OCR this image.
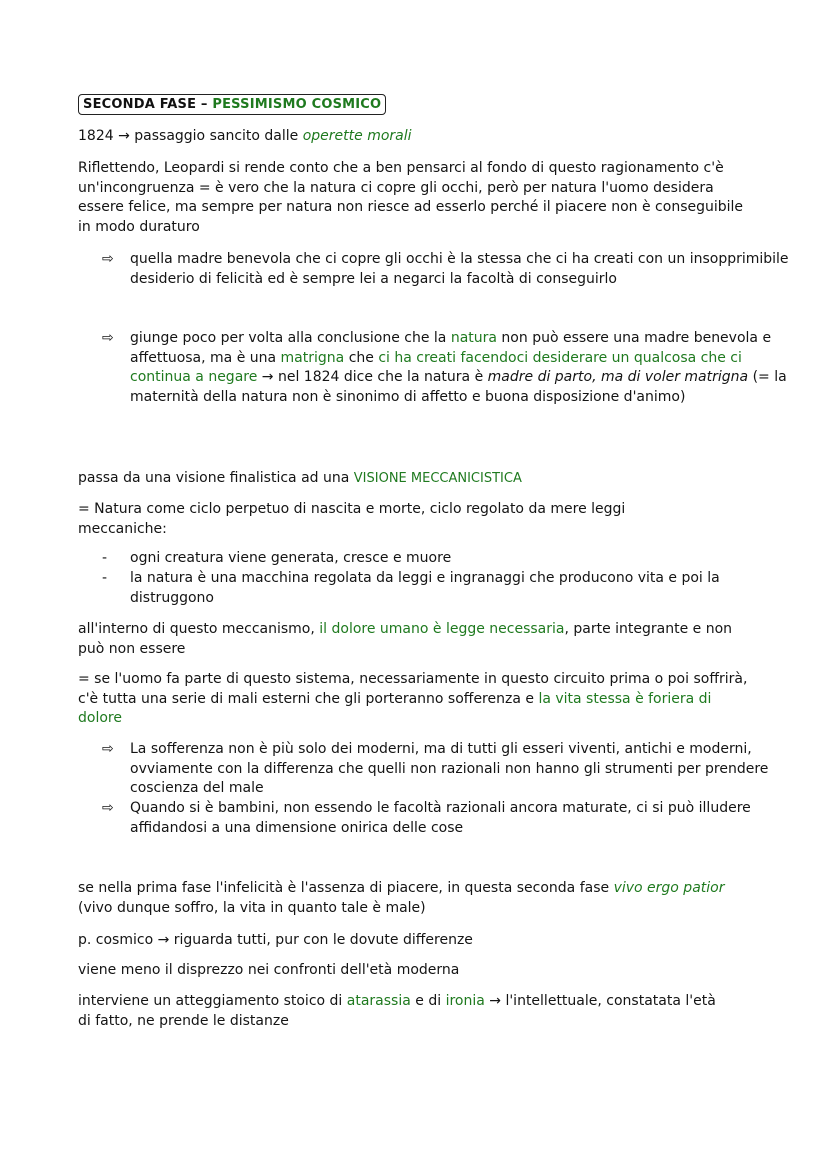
SECONDA FASE – PESSIMISMO COSMICO

1824 → passaggio sancito dalle operette morali

Riflettendo, Leopardi si rende conto che a ben pensarci al fondo di questo ragionamento c'è un'incongruenza = è vero che la natura ci copre gli occhi, però per natura l'uomo desidera essere felice, ma sempre per natura non riesce ad esserlo perché il piacere non è conseguibile in modo duraturo

⇨ quella madre benevola che ci copre gli occhi è la stessa che ci ha creati con un insopprimibile desiderio di felicità ed è sempre lei a negarci la facoltà di conseguirlo
⇨ giunge poco per volta alla conclusione che la natura non può essere una madre benevola e affettuosa, ma è una matrigna che ci ha creati facendoci desiderare un qualcosa che ci continua a negare → nel 1824 dice che la natura è madre di parto, ma di voler matrigna (= la maternità della natura non è sinonimo di affetto e buona disposizione d'animo)

passa da una visione finalistica ad una VISIONE MECCANICISTICA

= Natura come ciclo perpetuo di nascita e morte, ciclo regolato da mere leggi meccaniche:

- ogni creatura viene generata, cresce e muore
- la natura è una macchina regolata da leggi e ingranaggi che producono vita e poi la distruggono

all'interno di questo meccanismo, il dolore umano è legge necessaria, parte integrante e non può non essere

= se l'uomo fa parte di questo sistema, necessariamente in questo circuito prima o poi soffrirà, c'è tutta una serie di mali esterni che gli porteranno sofferenza e la vita stessa è foriera di dolore

⇨ La sofferenza non è più solo dei moderni, ma di tutti gli esseri viventi, antichi e moderni, ovviamente con la differenza che quelli non razionali non hanno gli strumenti per prendere coscienza del male
⇨ Quando si è bambini, non essendo le facoltà razionali ancora maturate, ci si può illudere affidandosi a una dimensione onirica delle cose

se nella prima fase l'infelicità è l'assenza di piacere, in questa seconda fase vivo ergo patior (vivo dunque soffro, la vita in quanto tale è male)

p. cosmico → riguarda tutti, pur con le dovute differenze

viene meno il disprezzo nei confronti dell'età moderna

interviene un atteggiamento stoico di atarassia e di ironia → l'intellettuale, constatata l'età di fatto, ne prende le distanze
